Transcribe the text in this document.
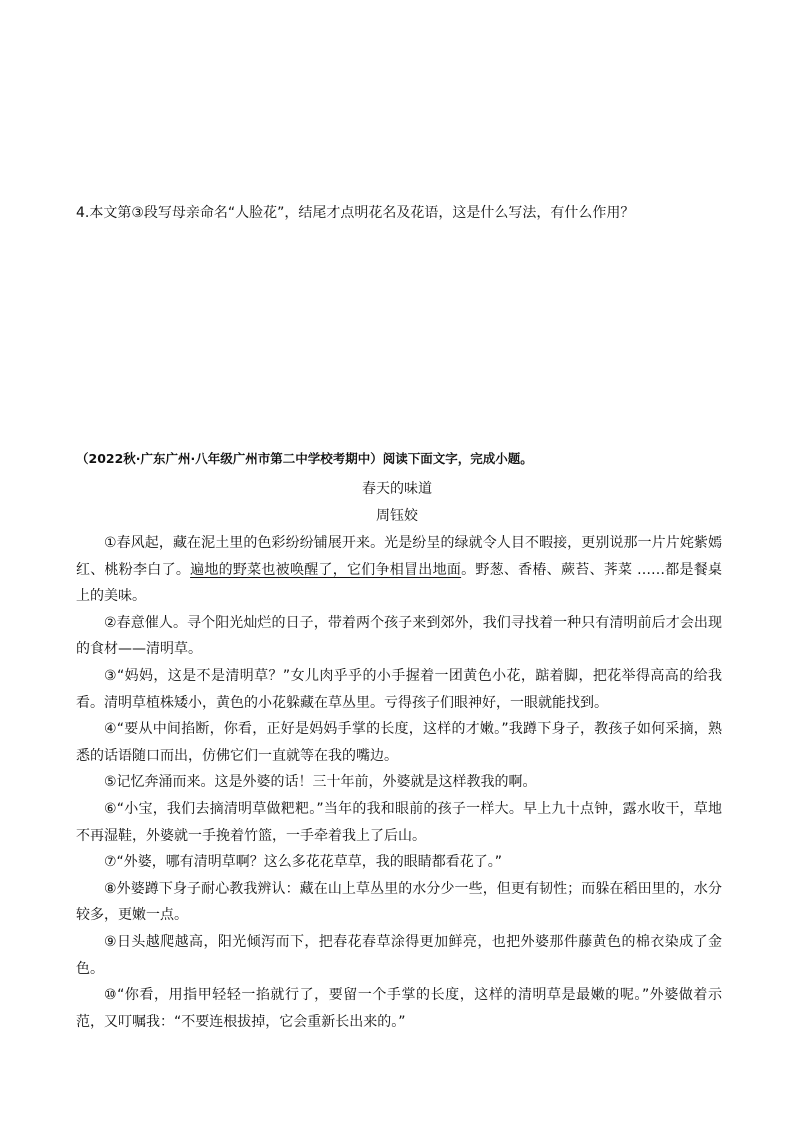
4.本文第③段写母亲命名“人脸花”，结尾才点明花名及花语，这是什么写法，有什么作用？
（2022秋·广东广州·八年级广州市第二中学校考期中）阅读下面文字，完成小题。
春天的味道
周钰姣

①春风起，藏在泥土里的色彩纷纷铺展开来。光是纷呈的绿就令人目不暇接，更别说那一片片姹紫嫣红、桃粉李白了。遍地的野菜也被唤醒了，它们争相冒出地面。野葱、香椿、蕨苔、荠菜 ……都是餐桌上的美味。

②春意催人。寻个阳光灿烂的日子，带着两个孩子来到郊外，我们寻找着一种只有清明前后才会出现的食材——清明草。

③“妈妈，这是不是清明草？”女儿肉乎乎的小手握着一团黄色小花，踮着脚，把花举得高高的给我看。清明草植株矮小，黄色的小花躲藏在草丛里。亏得孩子们眼神好，一眼就能找到。

④“要从中间掐断，你看，正好是妈妈手掌的长度，这样的才嫩。”我蹲下身子，教孩子如何采摘，熟悉的话语随口而出，仿佛它们一直就等在我的嘴边。

⑤记忆奔涌而来。这是外婆的话！三十年前，外婆就是这样教我的啊。

⑥“小宝，我们去摘清明草做粑粑。”当年的我和眼前的孩子一样大。早上九十点钟，露水收干，草地不再湿鞋，外婆就一手挽着竹篮，一手牵着我上了后山。

⑦“外婆，哪有清明草啊？这么多花花草草，我的眼睛都看花了。”

⑧外婆蹲下身子耐心教我辨认：藏在山上草丛里的水分少一些，但更有韧性；而躲在稻田里的，水分较多，更嫩一点。

⑨日头越爬越高，阳光倾泻而下，把春花春草涂得更加鲜亮，也把外婆那件藤黄色的棉衣染成了金色。

⑩“你看，用指甲轻轻一掐就行了，要留一个手掌的长度，这样的清明草是最嫩的呢。”外婆做着示范，又叮嘱我：“不要连根拔掉，它会重新长出来的。”
